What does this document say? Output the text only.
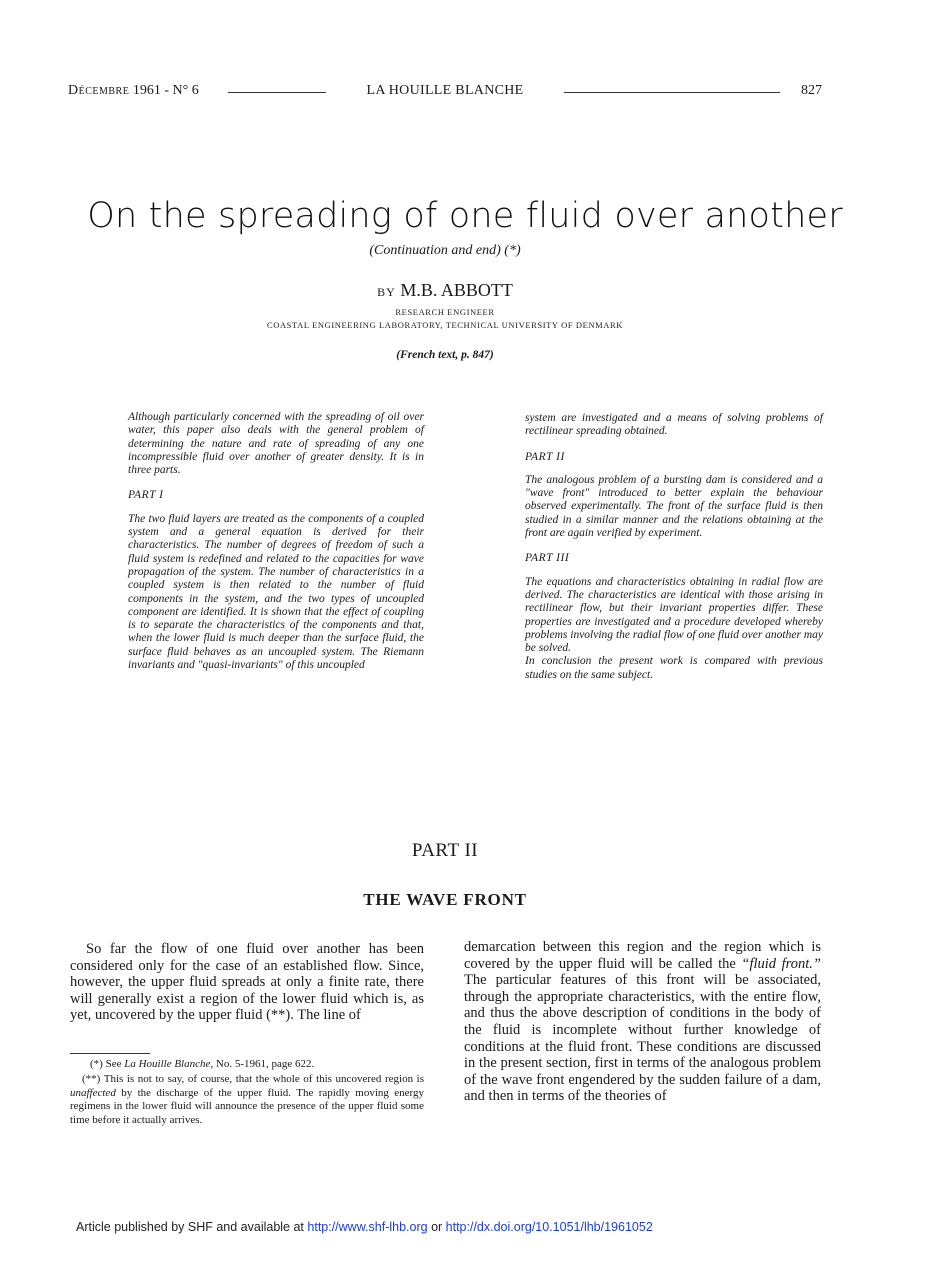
Décembre 1961 - N° 6	LA HOUILLE BLANCHE	827
On the spreading of one fluid over another
(Continuation and end) (*)
BY M.B. ABBOTT
RESEARCH ENGINEER
COASTAL ENGINEERING LABORATORY, TECHNICAL UNIVERSITY OF DENMARK
(French text, p. 847)

Although particularly concerned with the spreading of oil over water, this paper also deals with the general problem of determining the nature and rate of spreading of any one incompressible fluid over another of greater density. It is in three parts.

PART I

The two fluid layers are treated as the components of a coupled system and a general equation is derived for their characteristics. The number of degrees of freedom of such a fluid system is redefined and related to the capacities for wave propagation of the system. The number of characteristics in a coupled system is then related to the number of fluid components in the system, and the two types of uncoupled component are identified. It is shown that the effect of coupling is to separate the characteristics of the components and that, when the lower fluid is much deeper than the surface fluid, the surface fluid behaves as an uncoupled system. The Riemann invariants and "quasi-invariants" of this uncoupled

system are investigated and a means of solving problems of rectilinear spreading obtained.

PART II

The analogous problem of a bursting dam is considered and a "wave front" introduced to better explain the behaviour observed experimentally. The front of the surface fluid is then studied in a similar manner and the relations obtaining at the front are again verified by experiment.

PART III

The equations and characteristics obtaining in radial flow are derived. The characteristics are identical with those arising in rectilinear flow, but their invariant properties differ. These properties are investigated and a procedure developed whereby problems involving the radial flow of one fluid over another may be solved.

In conclusion the present work is compared with previous studies on the same subject.

PART II
THE WAVE FRONT
So far the flow of one fluid over another has been considered only for the case of an established flow. Since, however, the upper fluid spreads at only a finite rate, there will generally exist a region of the lower fluid which is, as yet, uncovered by the upper fluid (**). The line of
demarcation between this region and the region which is covered by the upper fluid will be called the “fluid front.” The particular features of this front will be associated, through the appropriate characteristics, with the entire flow, and thus the above description of conditions in the body of the fluid is incomplete without further knowledge of conditions at the fluid front. These conditions are discussed in the present section, first in terms of the analogous problem of the wave front engendered by the sudden failure of a dam, and then in terms of the theories of
(*) See La Houille Blanche, No. 5-1961, page 622.
(**) This is not to say, of course, that the whole of this uncovered region is unaffected by the discharge of the upper fluid. The rapidly moving energy regimens in the lower fluid will announce the presence of the upper fluid some time before it actually arrives.
Article published by SHF and available at http://www.shf-lhb.org or http://dx.doi.org/10.1051/lhb/1961052
